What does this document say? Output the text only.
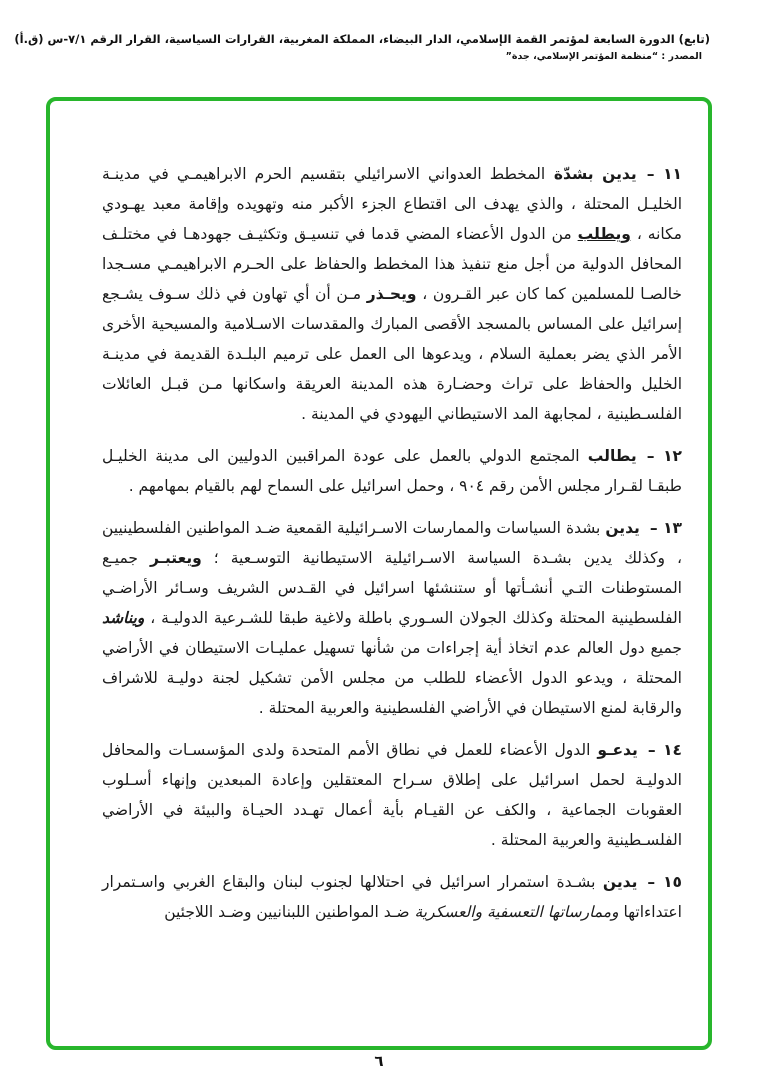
(تابع) الدورة السابعة لمؤتمر القمة الإسلامي، الدار البيضاء، المملكة المغربية، القرارات السياسية، القرار الرقم ٧/١-س (ق.أ)
المصدر : “منظمة المؤتمر الإسلامي، جدة”
١١ –يدين بشدّة المخطط العدواني الاسرائيلي بتقسيم الحرم الابراهيمـي في مدينـة الخليـل المحتلة ، والذي يهدف الى اقتطاع الجزء الأكبر منه وتهويده وإقامة معبد يهـودي مكانه ، ويطلب من الدول الأعضاء المضي قدما في تنسيـق وتكثيـف جهودهـا في مختلـف المحافل الدولية من أجل منع تنفيذ هذا المخطط والحفاظ على الحـرم الابراهيمـي مسـجدا خالصـا للمسلمين كما كان عبر القـرون ، ويحـذر مـن أن أي تهاون في ذلك سـوف يشـجع إسرائيل على المساس بالمسجد الأقصى المبارك والمقدسات الاسـلامية والمسيحية الأخرى الأمر الذي يضر بعملية السلام ، ويدعوها الى العمل على ترميم البلـدة القديمة في مدينـة الخليل والحفاظ على تراث وحضـارة هذه المدينة العريقة واسكانها مـن قبـل العائلات الفلسـطينية ، لمجابهة المد الاستيطاني اليهودي في المدينة .
١٢ –يطالب المجتمع الدولي بالعمل على عودة المراقبين الدوليين الى مدينة الخليـل طبقـا لقـرار مجلس الأمن رقم ٩٠٤ ، وحمل اسرائيل على السماح لهم بالقيام بمهامهم .
١٣ –يدين بشدة السياسات والممارسات الاسـرائيلية القمعية ضـد المواطنين الفلسطينيين ، وكذلك يدين بشـدة السياسة الاسـرائيلية الاستيطانية التوسـعية ؛ ويعتبـر جميـع المستوطنات التـي أنشـأتها أو ستنشئها اسرائيل في القـدس الشريف وسـائر الأراضـي الفلسطينية المحتلة وكذلك الجولان السـوري باطلة ولاغية طبقا للشـرعية الدوليـة ، ويناشد جميع دول العالم عدم اتخاذ أية إجراءات من شأنها تسهيل عمليـات الاستيطان في الأراضي المحتلة ، ويدعو الدول الأعضاء للطلب من مجلس الأمن تشكيل لجنة دوليـة للاشراف والرقابة لمنع الاستيطان في الأراضي الفلسطينية والعربية المحتلة .
١٤ –يدعـو الدول الأعضاء للعمل في نطاق الأمم المتحدة ولدى المؤسسـات والمحافل الدوليـة لحمل اسرائيل على إطلاق سـراح المعتقلين وإعادة المبعدين وإنهاء أسـلوب العقوبات الجماعية ، والكف عن القيـام بأية أعمال تهـدد الحيـاة والبيئة في الأراضي الفلسـطينية والعربية المحتلة .
١٥ –يدين بشـدة استمرار اسرائيل في احتلالها لجنوب لبنان والبقاع الغربي واسـتمرار اعتداءاتها وممارساتها التعسفية والعسكرية ضـد المواطنين اللبنانيين وضـد اللاجئين
٦
